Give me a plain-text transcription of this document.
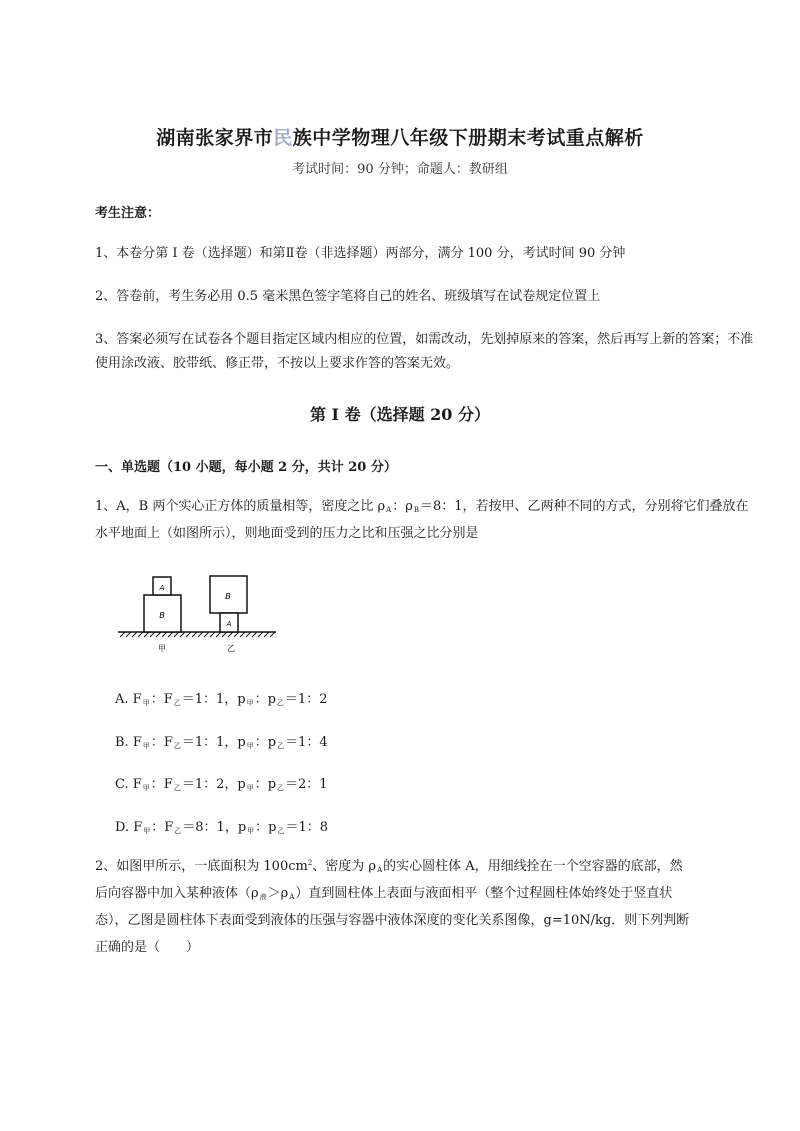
湖南张家界市民族中学物理八年级下册期末考试重点解析
考试时间：90 分钟；命题人：教研组
考生注意：
1、本卷分第 I 卷（选择题）和第Ⅱ卷（非选择题）两部分，满分 100 分，考试时间 90 分钟
2、答卷前，考生务必用 0.5 毫米黑色签字笔将自己的姓名、班级填写在试卷规定位置上
3、答案必须写在试卷各个题目指定区域内相应的位置，如需改动，先划掉原来的答案，然后再写上新的答案；不准使用涂改液、胶带纸、修正带，不按以上要求作答的答案无效。
第 I 卷（选择题 20 分）
一、单选题（10 小题，每小题 2 分，共计 20 分）
1、A，B 两个实心正方体的质量相等，密度之比 ρA：ρB＝8：1，若按甲、乙两种不同的方式，分别将它们叠放在水平地面上（如图所示），则地面受到的压力之比和压强之比分别是
B
A
B
A
甲	乙
A. F甲：F乙＝1：1，p甲：p乙＝1：2
B. F甲：F乙＝1：1，p甲：p乙＝1：4
C. F甲：F乙＝1：2，p甲：p乙＝2：1
D. F甲：F乙＝8：1，p甲：p乙＝1：8
2、如图甲所示，一底面积为 $100cm^2$、密度为 ρA的实心圆柱体 A，用细线拴在一个空容器的底部，然
后向容器中加入某种液体（ρ液＞ρA）直到圆柱体上表面与液面相平（整个过程圆柱体始终处于竖直状
态），乙图是圆柱体下表面受到液体的压强与容器中液体深度的变化关系图像，g=10N/kg．则下列判断
正确的是（　　）
